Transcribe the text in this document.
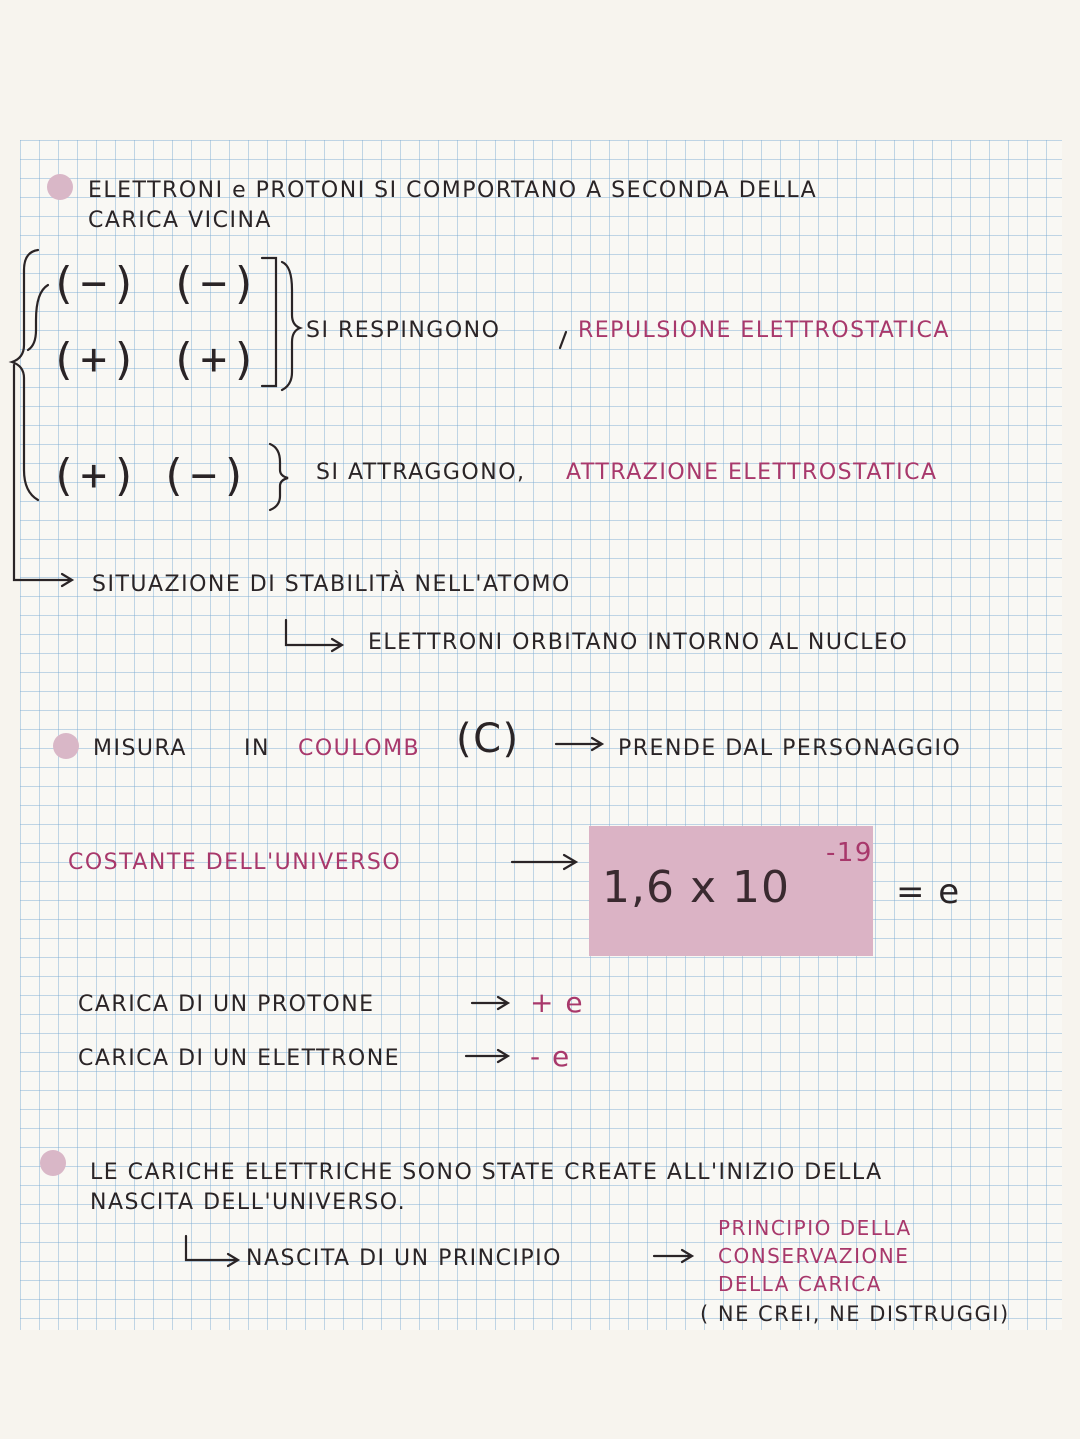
ELETTRONI e PROTONI SI COMPORTANO A SECONDA DELLA
CARICA VICINA
(−) (−)
(+) (+)
(+) (−)
SI RESPINGONO	REPULSIONE ELETTROSTATICA
SI ATTRAGGONO, ATTRAZIONE ELETTROSTATICA
SITUAZIONE DI STABILITÀ NELL'ATOMO
ELETTRONI ORBITANO INTORNO AL NUCLEO
MISURA	IN COULOMB (C)	PRENDE DAL PERSONAGGIO
COSTANTE DELL'UNIVERSO	1,6 x 10
-19
= e
CARICA DI UN PROTONE	+ e
CARICA DI UN ELETTRONE	- e
LE CARICHE ELETTRICHE SONO STATE CREATE ALL'INIZIO DELLA
NASCITA DELL'UNIVERSO.
NASCITA DI UN PRINCIPIO
PRINCIPIO DELLA
CONSERVAZIONE
DELLA CARICA
( NE CREI, NE DISTRUGGI)
